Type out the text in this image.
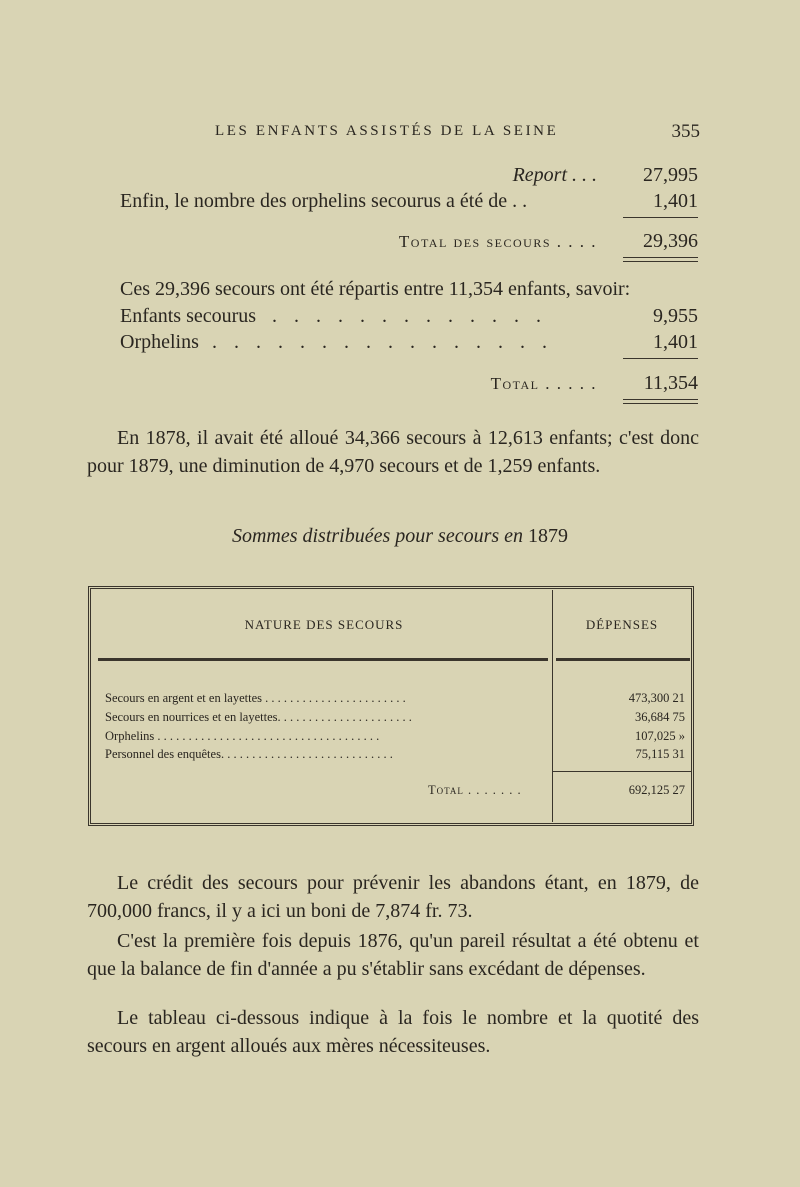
LES ENFANTS ASSISTÉS DE LA SEINE	355
Report . . . 27,995
Enfin, le nombre des orphelins secourus a été de . .	1,401
Total des secours . . . . 29,396
Ces 29,396 secours ont été répartis entre 11,354 enfants, savoir:
Enfants secourus . . . . . . . . . . . . .	9,955
Orphelins . . . . . . . . . . . . . . . .	1,401
Total . . . . . 11,354
En 1878, il avait été alloué 34,366 secours à 12,613 enfants; c'est donc pour 1879, une diminution de 4,970 secours et de 1,259 enfants.
Sommes distribuées pour secours en 1879
NATURE DES SECOURS	DÉPENSES
Secours en argent et en layettes . . . . . . . . . . . . . . . . . . . . . . .	473,300 21
Secours en nourrices et en layettes. . . . . . . . . . . . . . . . . . . . . .	36,684 75
Orphelins . . . . . . . . . . . . . . . . . . . . . . . . . . . . . . . . . . . .	107,025 »
Personnel des enquêtes. . . . . . . . . . . . . . . . . . . . . . . . . . . .	75,115 31
Total . . . . . . .	692,125 27
Le crédit des secours pour prévenir les abandons étant, en 1879, de 700,000 francs, il y a ici un boni de 7,874 fr. 73.
C'est la première fois depuis 1876, qu'un pareil résultat a été obtenu et que la balance de fin d'année a pu s'établir sans excédant de dépenses.
Le tableau ci-dessous indique à la fois le nombre et la quotité des secours en argent alloués aux mères nécessiteuses.
